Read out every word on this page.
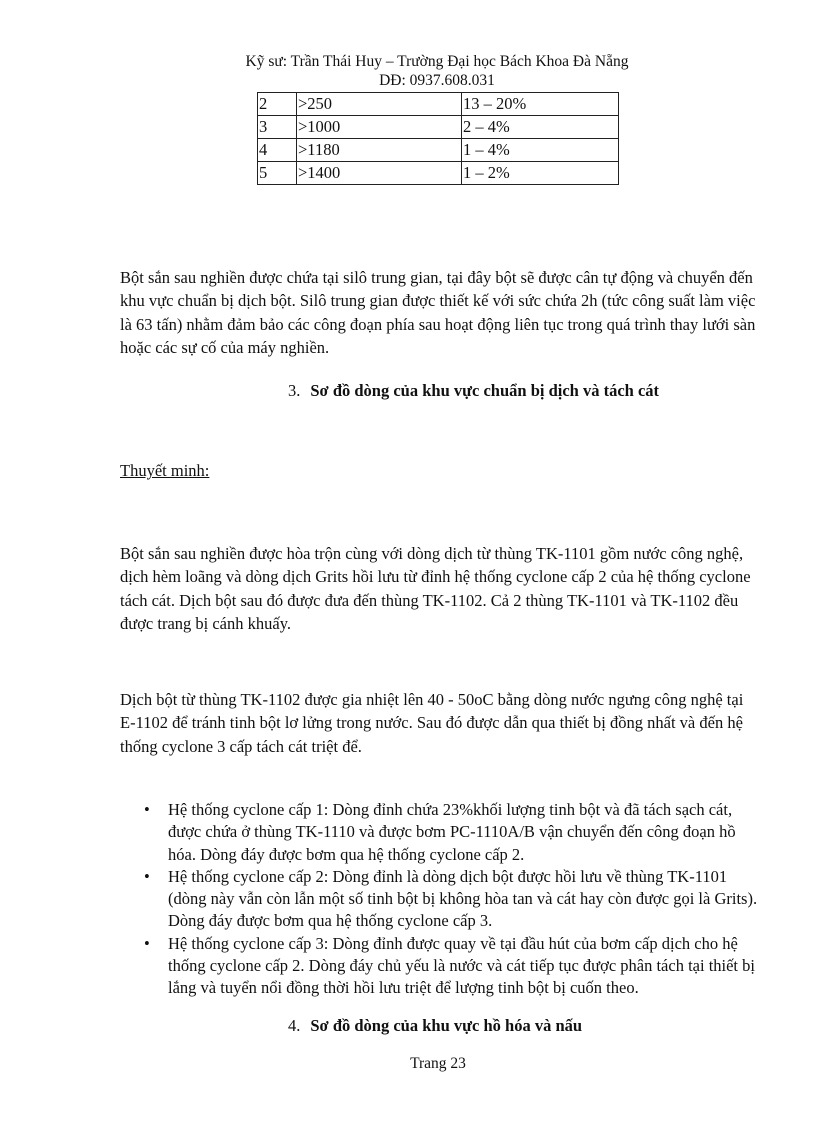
Kỹ sư: Trần Thái Huy – Trường Đại học Bách Khoa Đà Nẵng
DĐ: 0937.608.031
2	>250	13 – 20%
3	>1000	2 – 4%
4	>1180	1 – 4%
5	>1400	1 – 2%

Bột sắn sau nghiền được chứa tại silô trung gian, tại đây bột sẽ được cân tự động và chuyển đến khu vực chuẩn bị dịch bột. Silô trung gian được thiết kế với sức chứa 2h (tức công suất làm việc là 63 tấn) nhằm đảm bảo các công đoạn phía sau hoạt động liên tục trong quá trình thay lưới sàn hoặc các sự cố của máy nghiền.

3. Sơ đồ dòng của khu vực chuẩn bị dịch và tách cát
Thuyết minh:

Bột sắn sau nghiền được hòa trộn cùng với dòng dịch từ thùng TK-1101 gồm nước công nghệ, dịch hèm loãng và dòng dịch Grits hồi lưu từ đỉnh hệ thống cyclone cấp 2 của hệ thống cyclone tách cát. Dịch bột sau đó được đưa đến thùng TK-1102. Cả 2 thùng TK-1101 và TK-1102 đều được trang bị cánh khuấy.

Dịch bột từ thùng TK-1102 được gia nhiệt lên 40 - 50oC bằng dòng nước ngưng công nghệ tại E-1102 để tránh tinh bột lơ lửng trong nước. Sau đó được dẫn qua thiết bị đồng nhất và đến hệ thống cyclone 3 cấp tách cát triệt để.

• Hệ thống cyclone cấp 1: Dòng đỉnh chứa 23%khối lượng tinh bột và đã tách sạch cát, được chứa ở thùng TK-1110 và được bơm PC-1110A/B vận chuyển đến công đoạn hồ hóa. Dòng đáy được bơm qua hệ thống cyclone cấp 2.
• Hệ thống cyclone cấp 2: Dòng đỉnh là dòng dịch bột được hồi lưu về thùng TK-1101 (dòng này vẫn còn lẫn một số tinh bột bị không hòa tan và cát hay còn được gọi là Grits). Dòng đáy được bơm qua hệ thống cyclone cấp 3.
• Hệ thống cyclone cấp 3: Dòng đỉnh được quay về tại đầu hút của bơm cấp dịch cho hệ thống cyclone cấp 2. Dòng đáy chủ yếu là nước và cát tiếp tục được phân tách tại thiết bị lắng và tuyển nổi đồng thời hồi lưu triệt để lượng tinh bột bị cuốn theo.
4. Sơ đồ dòng của khu vực hồ hóa và nấu
Trang 23
